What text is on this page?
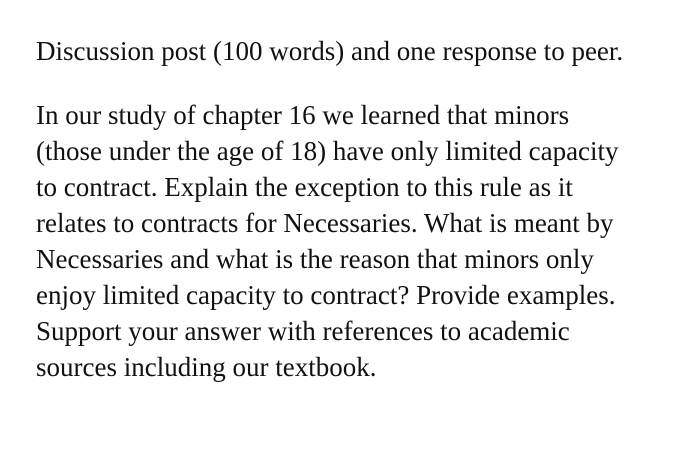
Discussion post (100 words) and one response to peer.
In our study of chapter 16 we learned that minors
(those under the age of 18) have only limited capacity
to contract. Explain the exception to this rule as it
relates to contracts for Necessaries. What is meant by
Necessaries and what is the reason that minors only
enjoy limited capacity to contract? Provide examples.
Support your answer with references to academic
sources including our textbook.
